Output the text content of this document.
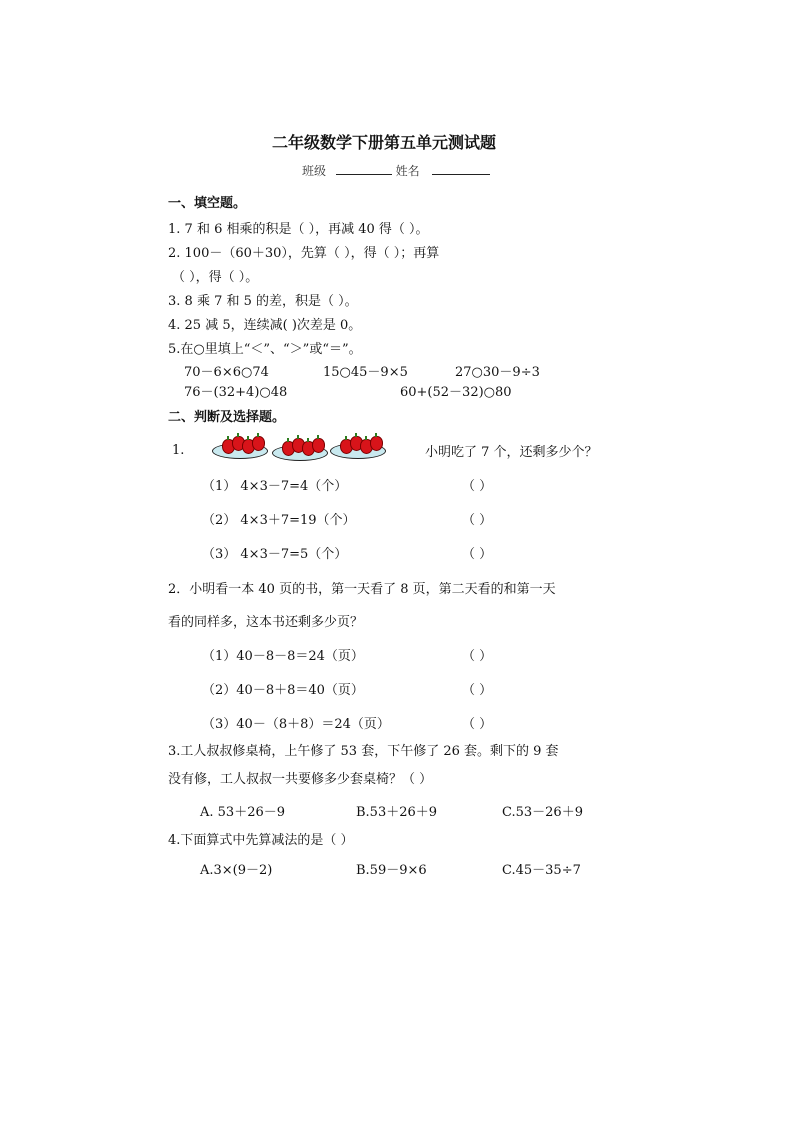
二年级数学下册第五单元测试题
班级	姓名
一、填空题。
1. 7 和 6 相乘的积是（ ），再减 40 得（ ）。
2. 100－（60＋30），先算（ ），得（ ）；再算
（ ），得（ ）。
3. 8 乘 7 和 5 的差，积是（ ）。
4. 25 减 5，连续减( )次差是 0。
5.在○里填上“＜”、“＞”或“＝”。
70－6×6○74	15○45－9×5	27○30－9÷3
76－(32+4)○48	60+(52－32)○80
二、判断及选择题。
1.	小明吃了 7 个，还剩多少个？
（1） 4×3－7=4（个）	（ ）
（2） 4×3＋7=19（个）	（ ）
（3） 4×3－7=5（个）	（ ）
2．小明看一本 40 页的书，第一天看了 8 页，第二天看的和第一天
看的同样多，这本书还剩多少页？
（1）40－8－8＝24（页）	（ ）
（2）40－8＋8＝40（页）	（ ）
（3）40－（8＋8）＝24（页）	（ ）
3.工人叔叔修桌椅，上午修了 53 套，下午修了 26 套。剩下的 9 套
没有修，工人叔叔一共要修多少套桌椅？（ ）
A. 53＋26－9	B.53＋26＋9	C.53－26＋9
4.下面算式中先算减法的是（ ）
A.3×(9－2)	B.59－9×6	C.45－35÷7
